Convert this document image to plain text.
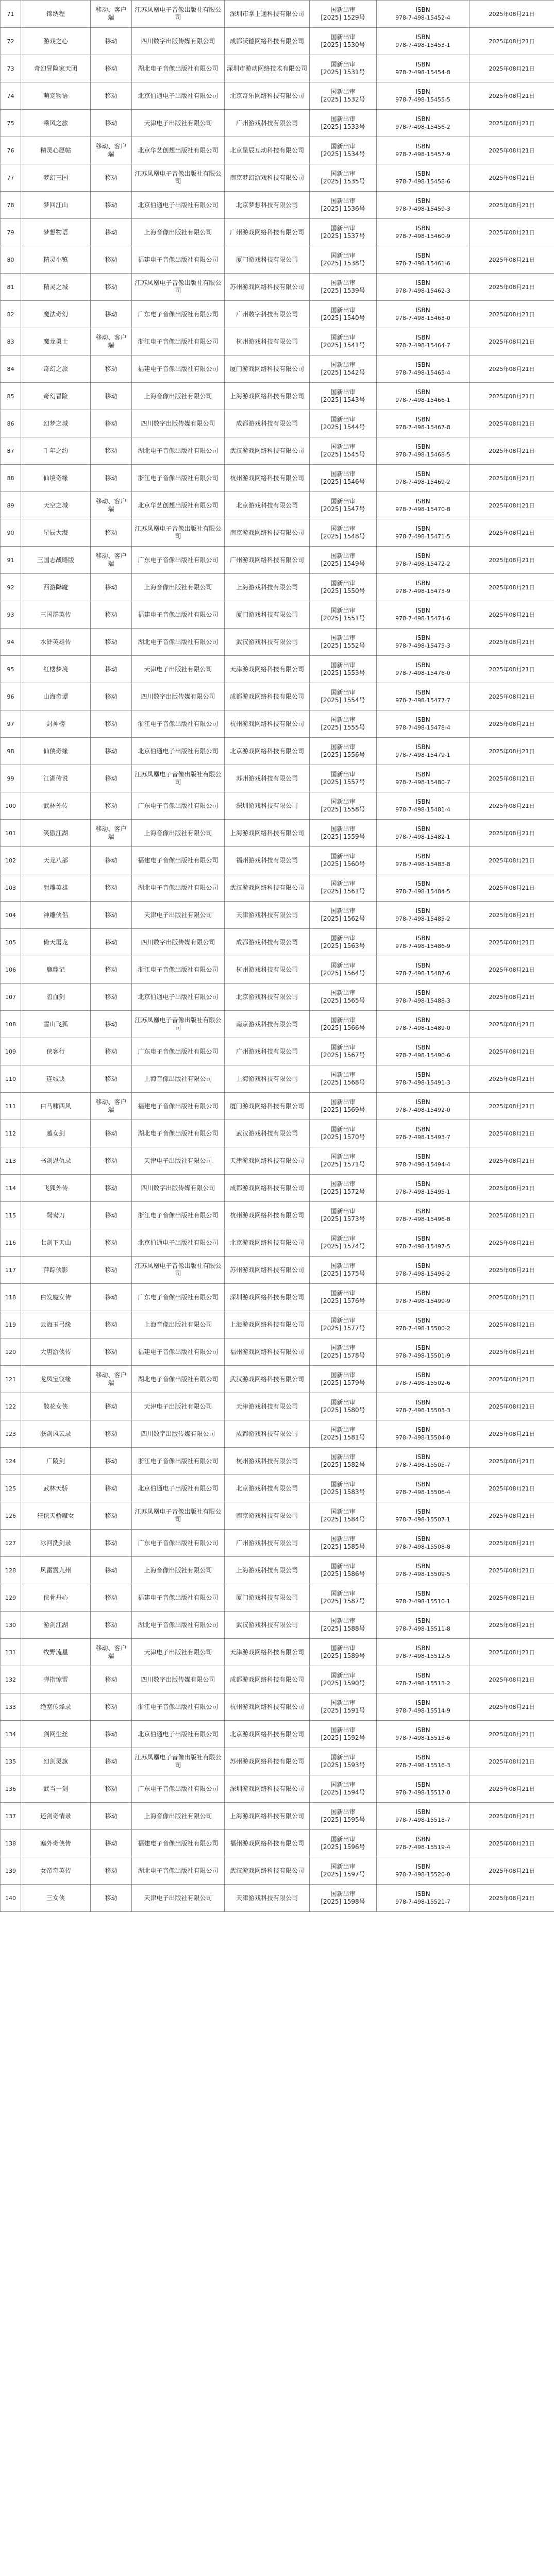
71	锦绣程	移动、客户端	江苏凤凰电子音像出版社有限公司	深圳市掌上通科技有限公司	国新出审
[2025] 1529号	ISBN
978-7-498-15452-4	2025年08月21日
72	游戏之心	移动	四川数字出版传媒有限公司	成都沃德网络科技有限公司	国新出审
[2025] 1530号	ISBN
978-7-498-15453-1	2025年08月21日
73	奇幻冒险家天团	移动	湖北电子音像出版社有限公司	深圳市游动网络技术有限公司	国新出审
[2025] 1531号	ISBN
978-7-498-15454-8	2025年08月21日
74	萌宠物语	移动	北京伯通电子出版社有限公司	北京奇乐网络科技有限公司	国新出审
[2025] 1532号	ISBN
978-7-498-15455-5	2025年08月21日
75	乘风之旅	移动	天津电子出版社有限公司	广州游戏科技有限公司	国新出审
[2025] 1533号	ISBN
978-7-498-15456-2	2025年08月21日
76	精灵心愿帖	移动、客户端	北京华艺创想出版社有限公司	北京星辰互动科技有限公司	国新出审
[2025] 1534号	ISBN
978-7-498-15457-9	2025年08月21日
77	梦幻三国	移动	江苏凤凰电子音像出版社有限公司	南京梦幻游戏科技有限公司	国新出审
[2025] 1535号	ISBN
978-7-498-15458-6	2025年08月21日
78	梦回江山	移动	北京伯通电子出版社有限公司	北京梦想科技有限公司	国新出审
[2025] 1536号	ISBN
978-7-498-15459-3	2025年08月21日
79	梦想物语	移动	上海音像出版社有限公司	广州游戏网络科技有限公司	国新出审
[2025] 1537号	ISBN
978-7-498-15460-9	2025年08月21日
80	精灵小镇	移动	福建电子音像出版社有限公司	厦门游戏科技有限公司	国新出审
[2025] 1538号	ISBN
978-7-498-15461-6	2025年08月21日
81	精灵之城	移动	江苏凤凰电子音像出版社有限公司	苏州游戏网络科技有限公司	国新出审
[2025] 1539号	ISBN
978-7-498-15462-3	2025年08月21日
82	魔法奇幻	移动	广东电子音像出版社有限公司	广州数字科技有限公司	国新出审
[2025] 1540号	ISBN
978-7-498-15463-0	2025年08月21日
83	魔龙勇士	移动、客户端	浙江电子音像出版社有限公司	杭州游戏科技有限公司	国新出审
[2025] 1541号	ISBN
978-7-498-15464-7	2025年08月21日
84	奇幻之旅	移动	福建电子音像出版社有限公司	厦门游戏网络科技有限公司	国新出审
[2025] 1542号	ISBN
978-7-498-15465-4	2025年08月21日
85	奇幻冒险	移动	上海音像出版社有限公司	上海游戏网络科技有限公司	国新出审
[2025] 1543号	ISBN
978-7-498-15466-1	2025年08月21日
86	幻梦之城	移动	四川数字出版传媒有限公司	成都游戏科技有限公司	国新出审
[2025] 1544号	ISBN
978-7-498-15467-8	2025年08月21日
87	千年之约	移动	湖北电子音像出版社有限公司	武汉游戏网络科技有限公司	国新出审
[2025] 1545号	ISBN
978-7-498-15468-5	2025年08月21日
88	仙境奇缘	移动	浙江电子音像出版社有限公司	杭州游戏网络科技有限公司	国新出审
[2025] 1546号	ISBN
978-7-498-15469-2	2025年08月21日
89	天空之城	移动、客户端	北京华艺创想出版社有限公司	北京游戏科技有限公司	国新出审
[2025] 1547号	ISBN
978-7-498-15470-8	2025年08月21日
90	星辰大海	移动	江苏凤凰电子音像出版社有限公司	南京游戏网络科技有限公司	国新出审
[2025] 1548号	ISBN
978-7-498-15471-5	2025年08月21日
91	三国志战略版	移动、客户端	广东电子音像出版社有限公司	广州游戏网络科技有限公司	国新出审
[2025] 1549号	ISBN
978-7-498-15472-2	2025年08月21日
92	西游降魔	移动	上海音像出版社有限公司	上海游戏科技有限公司	国新出审
[2025] 1550号	ISBN
978-7-498-15473-9	2025年08月21日
93	三国群英传	移动	福建电子音像出版社有限公司	厦门游戏科技有限公司	国新出审
[2025] 1551号	ISBN
978-7-498-15474-6	2025年08月21日
94	水浒英雄传	移动	湖北电子音像出版社有限公司	武汉游戏科技有限公司	国新出审
[2025] 1552号	ISBN
978-7-498-15475-3	2025年08月21日
95	红楼梦境	移动	天津电子出版社有限公司	天津游戏网络科技有限公司	国新出审
[2025] 1553号	ISBN
978-7-498-15476-0	2025年08月21日
96	山海奇谭	移动	四川数字出版传媒有限公司	成都游戏网络科技有限公司	国新出审
[2025] 1554号	ISBN
978-7-498-15477-7	2025年08月21日
97	封神榜	移动	浙江电子音像出版社有限公司	杭州游戏网络科技有限公司	国新出审
[2025] 1555号	ISBN
978-7-498-15478-4	2025年08月21日
98	仙侠奇缘	移动	北京伯通电子出版社有限公司	北京游戏网络科技有限公司	国新出审
[2025] 1556号	ISBN
978-7-498-15479-1	2025年08月21日
99	江湖传说	移动	江苏凤凰电子音像出版社有限公司	苏州游戏科技有限公司	国新出审
[2025] 1557号	ISBN
978-7-498-15480-7	2025年08月21日
100	武林外传	移动	广东电子音像出版社有限公司	深圳游戏科技有限公司	国新出审
[2025] 1558号	ISBN
978-7-498-15481-4	2025年08月21日
101	笑傲江湖	移动、客户端	上海音像出版社有限公司	上海游戏网络科技有限公司	国新出审
[2025] 1559号	ISBN
978-7-498-15482-1	2025年08月21日
102	天龙八部	移动	福建电子音像出版社有限公司	福州游戏科技有限公司	国新出审
[2025] 1560号	ISBN
978-7-498-15483-8	2025年08月21日
103	射雕英雄	移动	湖北电子音像出版社有限公司	武汉游戏网络科技有限公司	国新出审
[2025] 1561号	ISBN
978-7-498-15484-5	2025年08月21日
104	神雕侠侣	移动	天津电子出版社有限公司	天津游戏科技有限公司	国新出审
[2025] 1562号	ISBN
978-7-498-15485-2	2025年08月21日
105	倚天屠龙	移动	四川数字出版传媒有限公司	成都游戏科技有限公司	国新出审
[2025] 1563号	ISBN
978-7-498-15486-9	2025年08月21日
106	鹿鼎记	移动	浙江电子音像出版社有限公司	杭州游戏科技有限公司	国新出审
[2025] 1564号	ISBN
978-7-498-15487-6	2025年08月21日
107	碧血剑	移动	北京伯通电子出版社有限公司	北京游戏科技有限公司	国新出审
[2025] 1565号	ISBN
978-7-498-15488-3	2025年08月21日
108	雪山飞狐	移动	江苏凤凰电子音像出版社有限公司	南京游戏科技有限公司	国新出审
[2025] 1566号	ISBN
978-7-498-15489-0	2025年08月21日
109	侠客行	移动	广东电子音像出版社有限公司	广州游戏科技有限公司	国新出审
[2025] 1567号	ISBN
978-7-498-15490-6	2025年08月21日
110	连城诀	移动	上海音像出版社有限公司	上海游戏科技有限公司	国新出审
[2025] 1568号	ISBN
978-7-498-15491-3	2025年08月21日
111	白马啸西风	移动、客户端	福建电子音像出版社有限公司	厦门游戏网络科技有限公司	国新出审
[2025] 1569号	ISBN
978-7-498-15492-0	2025年08月21日
112	越女剑	移动	湖北电子音像出版社有限公司	武汉游戏科技有限公司	国新出审
[2025] 1570号	ISBN
978-7-498-15493-7	2025年08月21日
113	书剑恩仇录	移动	天津电子出版社有限公司	天津游戏网络科技有限公司	国新出审
[2025] 1571号	ISBN
978-7-498-15494-4	2025年08月21日
114	飞狐外传	移动	四川数字出版传媒有限公司	成都游戏网络科技有限公司	国新出审
[2025] 1572号	ISBN
978-7-498-15495-1	2025年08月21日
115	鸳鸯刀	移动	浙江电子音像出版社有限公司	杭州游戏网络科技有限公司	国新出审
[2025] 1573号	ISBN
978-7-498-15496-8	2025年08月21日
116	七剑下天山	移动	北京伯通电子出版社有限公司	北京游戏网络科技有限公司	国新出审
[2025] 1574号	ISBN
978-7-498-15497-5	2025年08月21日
117	萍踪侠影	移动	江苏凤凰电子音像出版社有限公司	苏州游戏网络科技有限公司	国新出审
[2025] 1575号	ISBN
978-7-498-15498-2	2025年08月21日
118	白发魔女传	移动	广东电子音像出版社有限公司	深圳游戏网络科技有限公司	国新出审
[2025] 1576号	ISBN
978-7-498-15499-9	2025年08月21日
119	云海玉弓缘	移动	上海音像出版社有限公司	上海游戏网络科技有限公司	国新出审
[2025] 1577号	ISBN
978-7-498-15500-2	2025年08月21日
120	大唐游侠传	移动	福建电子音像出版社有限公司	福州游戏网络科技有限公司	国新出审
[2025] 1578号	ISBN
978-7-498-15501-9	2025年08月21日
121	龙凤宝钗缘	移动、客户端	湖北电子音像出版社有限公司	武汉游戏网络科技有限公司	国新出审
[2025] 1579号	ISBN
978-7-498-15502-6	2025年08月21日
122	散花女侠	移动	天津电子出版社有限公司	天津游戏科技有限公司	国新出审
[2025] 1580号	ISBN
978-7-498-15503-3	2025年08月21日
123	联剑风云录	移动	四川数字出版传媒有限公司	成都游戏科技有限公司	国新出审
[2025] 1581号	ISBN
978-7-498-15504-0	2025年08月21日
124	广陵剑	移动	浙江电子音像出版社有限公司	杭州游戏科技有限公司	国新出审
[2025] 1582号	ISBN
978-7-498-15505-7	2025年08月21日
125	武林天骄	移动	北京伯通电子出版社有限公司	北京游戏科技有限公司	国新出审
[2025] 1583号	ISBN
978-7-498-15506-4	2025年08月21日
126	狂侠天骄魔女	移动	江苏凤凰电子音像出版社有限公司	南京游戏科技有限公司	国新出审
[2025] 1584号	ISBN
978-7-498-15507-1	2025年08月21日
127	冰河洗剑录	移动	广东电子音像出版社有限公司	广州游戏科技有限公司	国新出审
[2025] 1585号	ISBN
978-7-498-15508-8	2025年08月21日
128	风雷震九州	移动	上海音像出版社有限公司	上海游戏科技有限公司	国新出审
[2025] 1586号	ISBN
978-7-498-15509-5	2025年08月21日
129	侠骨丹心	移动	福建电子音像出版社有限公司	厦门游戏科技有限公司	国新出审
[2025] 1587号	ISBN
978-7-498-15510-1	2025年08月21日
130	游剑江湖	移动	湖北电子音像出版社有限公司	武汉游戏科技有限公司	国新出审
[2025] 1588号	ISBN
978-7-498-15511-8	2025年08月21日
131	牧野流星	移动、客户端	天津电子出版社有限公司	天津游戏网络科技有限公司	国新出审
[2025] 1589号	ISBN
978-7-498-15512-5	2025年08月21日
132	弹指惊雷	移动	四川数字出版传媒有限公司	成都游戏网络科技有限公司	国新出审
[2025] 1590号	ISBN
978-7-498-15513-2	2025年08月21日
133	绝塞传烽录	移动	浙江电子音像出版社有限公司	杭州游戏网络科技有限公司	国新出审
[2025] 1591号	ISBN
978-7-498-15514-9	2025年08月21日
134	剑网尘丝	移动	北京伯通电子出版社有限公司	北京游戏网络科技有限公司	国新出审
[2025] 1592号	ISBN
978-7-498-15515-6	2025年08月21日
135	幻剑灵旗	移动	江苏凤凰电子音像出版社有限公司	苏州游戏网络科技有限公司	国新出审
[2025] 1593号	ISBN
978-7-498-15516-3	2025年08月21日
136	武当一剑	移动	广东电子音像出版社有限公司	深圳游戏网络科技有限公司	国新出审
[2025] 1594号	ISBN
978-7-498-15517-0	2025年08月21日
137	还剑奇情录	移动	上海音像出版社有限公司	上海游戏网络科技有限公司	国新出审
[2025] 1595号	ISBN
978-7-498-15518-7	2025年08月21日
138	塞外奇侠传	移动	福建电子音像出版社有限公司	福州游戏网络科技有限公司	国新出审
[2025] 1596号	ISBN
978-7-498-15519-4	2025年08月21日
139	女帝奇英传	移动	湖北电子音像出版社有限公司	武汉游戏网络科技有限公司	国新出审
[2025] 1597号	ISBN
978-7-498-15520-0	2025年08月21日
140	三女侠	移动	天津电子出版社有限公司	天津游戏科技有限公司	国新出审
[2025] 1598号	ISBN
978-7-498-15521-7	2025年08月21日
